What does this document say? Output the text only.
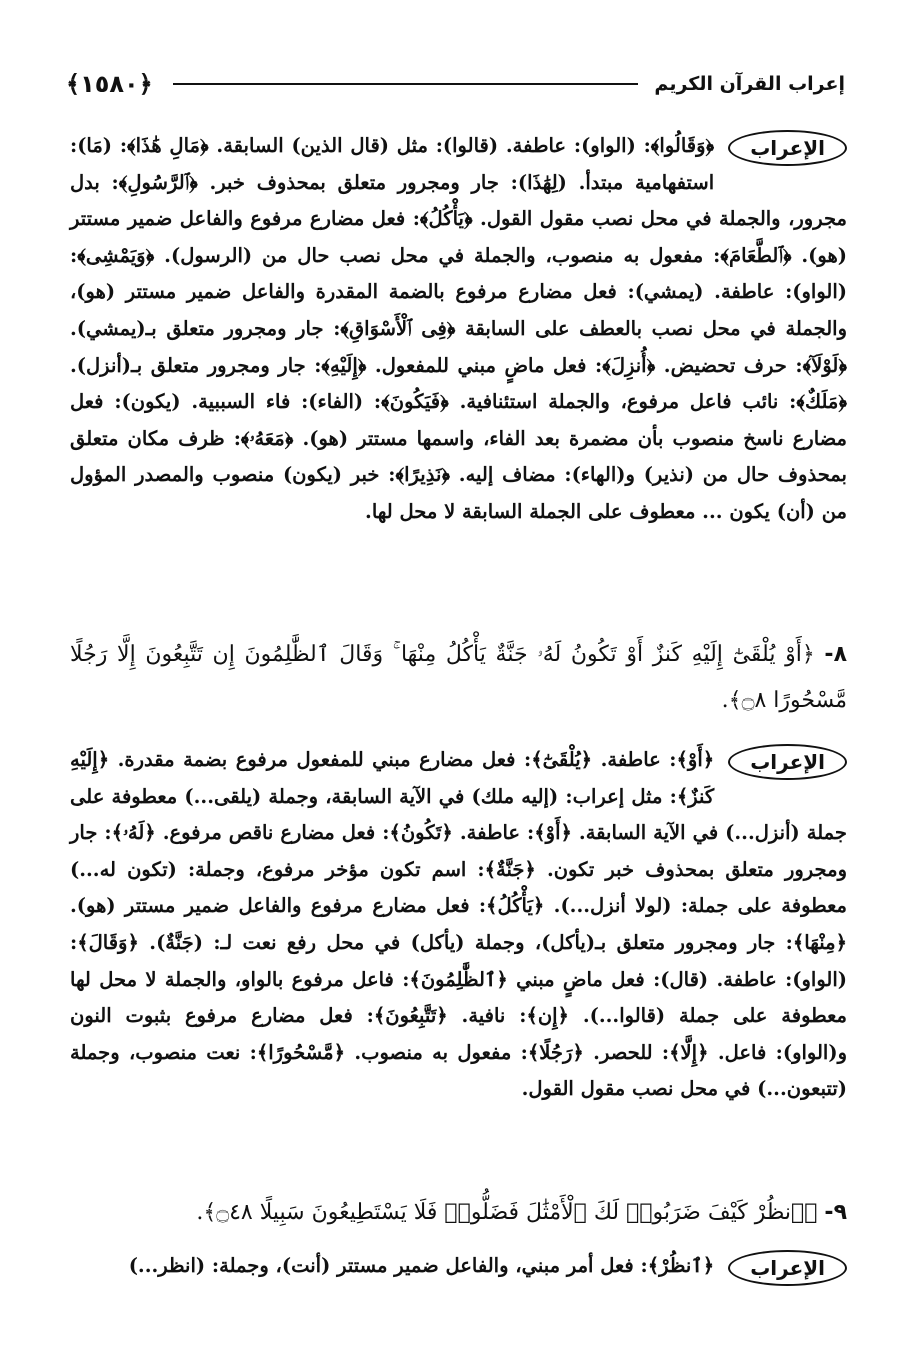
إعراب القرآن الكريم
﴿١٥٨٠﴾
الإعراب
﴿وَقَالُوا﴾: (الواو): عاطفة. (قالوا): مثل (قال الذين) السابقة. ﴿مَالِ هَٰذَا﴾: (مَا): استفهامية مبتدأ. (لِهَٰذَا): جار ومجرور متعلق بمحذوف خبر. ﴿ٱلرَّسُولِ﴾: بدل مجرور، والجملة في محل نصب مقول القول. ﴿يَأْكُلُ﴾: فعل مضارع مرفوع والفاعل ضمير مستتر (هو). ﴿ٱلطَّعَامَ﴾: مفعول به منصوب، والجملة في محل نصب حال من (الرسول). ﴿وَيَمْشِى﴾: (الواو): عاطفة. (يمشي): فعل مضارع مرفوع بالضمة المقدرة والفاعل ضمير مستتر (هو)، والجملة في محل نصب بالعطف على السابقة ﴿فِى ٱلْأَسْوَاقِ﴾: جار ومجرور متعلق بـ(يمشي). ﴿لَوْلَآ﴾: حرف تحضيض. ﴿أُنزِلَ﴾: فعل ماضٍ مبني للمفعول. ﴿إِلَيْهِ﴾: جار ومجرور متعلق بـ(أنزل). ﴿مَلَكٌ﴾: نائب فاعل مرفوع، والجملة استئنافية. ﴿فَيَكُونَ﴾: (الفاء): فاء السببية. (يكون): فعل مضارع ناسخ منصوب بأن مضمرة بعد الفاء، واسمها مستتر (هو). ﴿مَعَهُۥ﴾: ظرف مكان متعلق بمحذوف حال من (نذير) و(الهاء): مضاف إليه. ﴿نَذِيرًا﴾: خبر (يكون) منصوب والمصدر المؤول من (أن) يكون ... معطوف على الجملة السابقة لا محل لها.
٨- ﴿أَوْ يُلْقَىٰٓ إِلَيْهِ كَنزٌ أَوْ تَكُونُ لَهُۥ جَنَّةٌ يَأْكُلُ مِنْهَا ۚ وَقَالَ ٱلظَّٰلِمُونَ إِن تَتَّبِعُونَ إِلَّا رَجُلًا مَّسْحُورًا ۝٨﴾.
الإعراب
﴿أَوْ﴾: عاطفة. ﴿يُلْقَىٰٓ﴾: فعل مضارع مبني للمفعول مرفوع بضمة مقدرة. ﴿إِلَيْهِ كَنزٌ﴾: مثل إعراب: (إليه ملك) في الآية السابقة، وجملة (يلقى...) معطوفة على جملة (أنزل...) في الآية السابقة. ﴿أَوْ﴾: عاطفة. ﴿تَكُونُ﴾: فعل مضارع ناقص مرفوع. ﴿لَهُۥ﴾: جار ومجرور متعلق بمحذوف خبر تكون. ﴿جَنَّةٌ﴾: اسم تكون مؤخر مرفوع، وجملة: (تكون له...) معطوفة على جملة: (لولا أنزل...). ﴿يَأْكُلُ﴾: فعل مضارع مرفوع والفاعل ضمير مستتر (هو). ﴿مِنْهَا﴾: جار ومجرور متعلق بـ(يأكل)، وجملة (يأكل) في محل رفع نعت لـ: (جَنَّةٌ). ﴿وَقَالَ﴾: (الواو): عاطفة. (قال): فعل ماضٍ مبني ﴿ٱلظَّٰلِمُونَ﴾: فاعل مرفوع بالواو، والجملة لا محل لها معطوفة على جملة (قالوا...). ﴿إِن﴾: نافية. ﴿تَتَّبِعُونَ﴾: فعل مضارع مرفوع بثبوت النون و(الواو): فاعل. ﴿إِلَّا﴾: للحصر. ﴿رَجُلًا﴾: مفعول به منصوب. ﴿مَّسْحُورًا﴾: نعت منصوب، وجملة (تتبعون...) في محل نصب مقول القول.
٩- ﴿ٱنظُرْ كَيْفَ ضَرَبُوا۟ لَكَ ٱلْأَمْثَٰلَ فَضَلُّوا۟ فَلَا يَسْتَطِيعُونَ سَبِيلًا ۝٤٨﴾.
الإعراب
﴿ٱنظُرْ﴾: فعل أمر مبني، والفاعل ضمير مستتر (أنت)، وجملة: (انظر...)
